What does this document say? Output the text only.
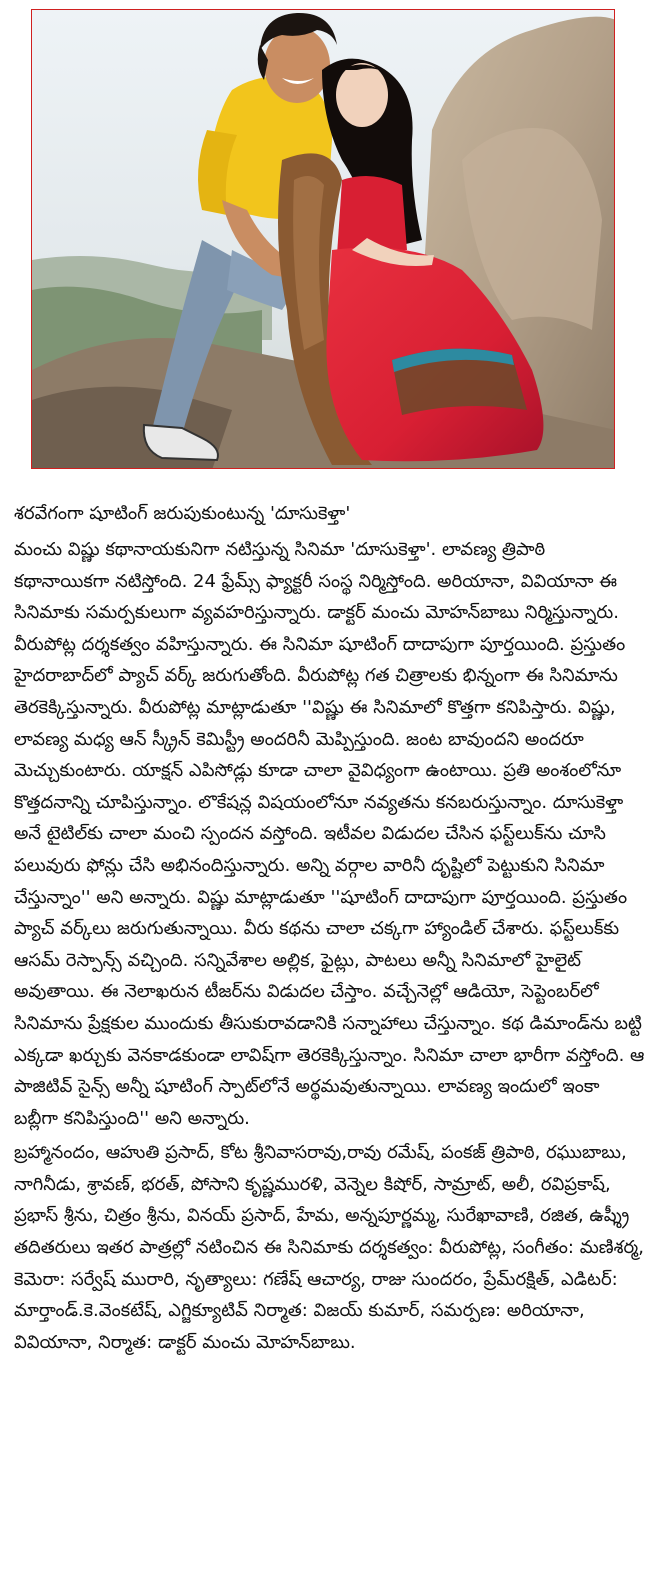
శరవేగంగా షూటింగ్ జరుపుకుంటున్న 'దూసుకెళ్తా'

మంచు విష్ణు కథానాయకునిగా నటిస్తున్న సినిమా 'దూసుకెళ్తా'. లావణ్య త్రిపాఠి కథానాయికగా నటిస్తోంది. 24 ఫ్రేమ్స్ ఫ్యాక్టరీ సంస్థ నిర్మిస్తోంది. అరియానా, వివియానా ఈ సినిమాకు సమర్పకులుగా వ్యవహరిస్తున్నారు. డాక్టర్ మంచు మోహన్‌బాబు నిర్మిస్తున్నారు. వీరుపోట్ల దర్శకత్వం వహిస్తున్నారు. ఈ సినిమా షూటింగ్ దాదాపుగా పూర్తయింది. ప్రస్తుతం హైదరాబాద్‌లో ప్యాచ్ వర్క్ జరుగుతోంది. వీరుపోట్ల గత చిత్రాలకు భిన్నంగా ఈ సినిమాను తెరకెక్కిస్తున్నారు. వీరుపోట్ల మాట్లాడుతూ ''విష్ణు ఈ సినిమాలో కొత్తగా కనిపిస్తారు. విష్ణు, లావణ్య మధ్య ఆన్ స్క్రీన్ కెమిస్ట్రీ అందరినీ మెప్పిస్తుంది. జంట బావుందని అందరూ మెచ్చుకుంటారు. యాక్షన్ ఎపిసోడ్లు కూడా చాలా వైవిధ్యంగా ఉంటాయి. ప్రతి అంశంలోనూ కొత్తదనాన్ని చూపిస్తున్నాం. లొకేషన్ల విషయంలోనూ నవ్యతను కనబరుస్తున్నాం. దూసుకెళ్తా అనే టైటిల్‌కు చాలా మంచి స్పందన వస్తోంది. ఇటీవల విడుదల చేసిన ఫస్ట్‌లుక్‌ను చూసి పలువురు ఫోన్లు చేసి అభినందిస్తున్నారు. అన్ని వర్గాల వారినీ దృష్టిలో పెట్టుకుని సినిమా చేస్తున్నాం'' అని అన్నారు. విష్ణు మాట్లాడుతూ ''షూటింగ్ దాదాపుగా పూర్తయింది. ప్రస్తుతం ప్యాచ్ వర్క్‌లు జరుగుతున్నాయి. వీరు కథను చాలా చక్కగా హ్యాండిల్ చేశారు. ఫస్ట్‌లుక్‌కు ఆసమ్ రెస్పాన్స్ వచ్చింది. సన్నివేశాల అల్లిక, ఫైట్లు, పాటలు అన్నీ సినిమాలో హైలైట్ అవుతాయి. ఈ నెలాఖరున టీజర్‌ను విడుదల చేస్తాం. వచ్చేనెల్లో ఆడియో, సెప్టెంబర్‌లో సినిమాను ప్రేక్షకుల ముందుకు తీసుకురావడానికి సన్నాహాలు చేస్తున్నాం. కథ డిమాండ్‌ను బట్టి ఎక్కడా ఖర్చుకు వెనకాడకుండా లావిష్‌గా తెరకెక్కిస్తున్నాం. సినిమా చాలా భారీగా వస్తోంది. ఆ పాజిటివ్ సైన్స్ అన్నీ షూటింగ్ స్పాట్‌లోనే అర్థమవుతున్నాయి. లావణ్య ఇందులో ఇంకా బబ్లీగా కనిపిస్తుంది'' అని అన్నారు.

బ్రహ్మానందం, ఆహుతి ప్రసాద్, కోట శ్రీనివాసరావు,రావు రమేష్, పంకజ్ త్రిపాఠి, రఘుబాబు, నాగినీడు, శ్రావణ్, భరత్, పోసాని కృష్ణమురళి, వెన్నెల కిషోర్, సామ్రాట్, అలీ, రవిప్రకాష్, ప్రభాస్ శ్రీను, చిత్రం శ్రీను, వినయ్ ప్రసాద్, హేమ, అన్నపూర్ణమ్మ, సురేఖావాణి, రజిత, ఉష్శ్రీ తదితరులు ఇతర పాత్రల్లో నటించిన ఈ సినిమాకు దర్శకత్వం: వీరుపోట్ల, సంగీతం: మణిశర్మ, కెమెరా: సర్వేష్ మురారి, నృత్యాలు: గణేష్ ఆచార్య, రాజు సుందరం, ప్రేమ్‌రక్షిత్, ఎడిటర్: మార్తాండ్.కె.వెంకటేష్, ఎగ్జిక్యూటివ్ నిర్మాత: విజయ్ కుమార్, సమర్పణ: అరియానా, వివియానా, నిర్మాత: డాక్టర్ మంచు మోహన్‌బాబు.
